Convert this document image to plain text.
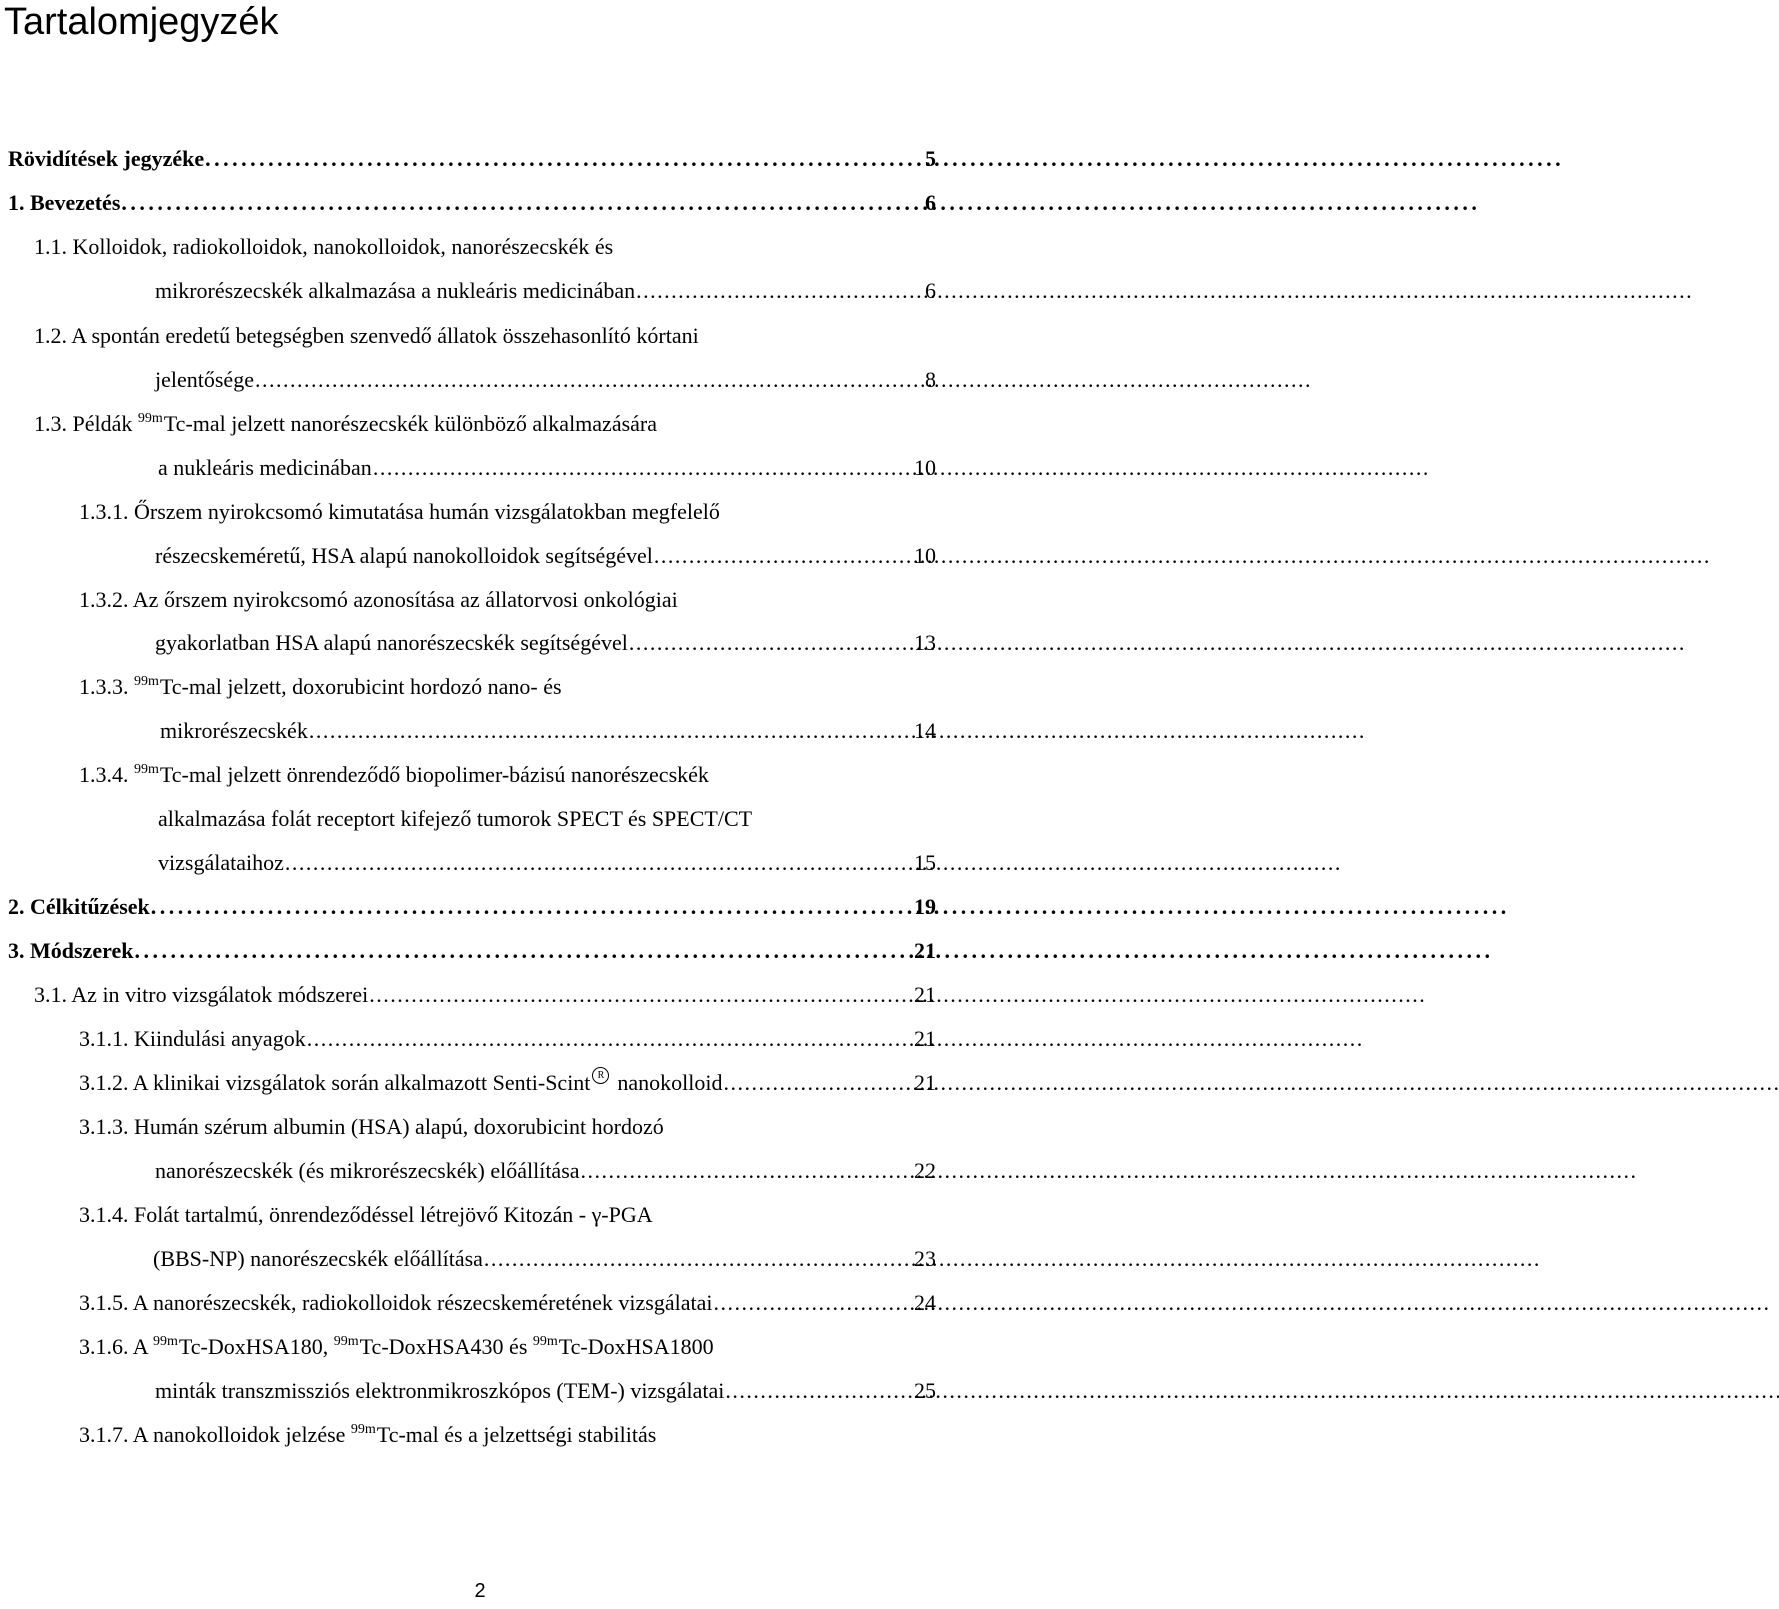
Tartalomjegyzék
Rövidítések jegyzéke . . .	5
1. Bevezetés . . .	6
1.1. Kolloidok, radiokolloidok, nanokolloidok, nanorészecskék és
mikrorészecskék alkalmazása a nukleáris medicinában . . .	6
1.2. A spontán eredetű betegségben szenvedő állatok összehasonlító kórtani
jelentősége . . .	8
1.3. Példák $^{99m}$Tc-mal jelzett nanorészecskék különböző alkalmazására
a nukleáris medicinában . . .	10
1.3.1. Őrszem nyirokcsomó kimutatása humán vizsgálatokban megfelelő
részecskeméretű, HSA alapú nanokolloidok segítségével . . .	10
1.3.2. Az őrszem nyirokcsomó azonosítása az állatorvosi onkológiai
gyakorlatban HSA alapú nanorészecskék segítségével . . .	13
1.3.3. $^{99m}$Tc-mal jelzett, doxorubicint hordozó nano- és
mikrorészecskék . . .	14
1.3.4. $^{99m}$Tc-mal jelzett önrendeződő biopolimer-bázisú nanorészecskék
alkalmazása folát receptort kifejező tumorok SPECT és SPECT/CT
vizsgálataihoz . . .	15
2. Célkitűzések . . .	19
3. Módszerek . . .	21
3.1. Az in vitro vizsgálatok módszerei . . .	21
3.1.1. Kiindulási anyagok . . .	21
3.1.2. A klinikai vizsgálatok során alkalmazott Senti-Scint R nanokolloid . . .	21
3.1.3. Humán szérum albumin (HSA) alapú, doxorubicint hordozó
nanorészecskék (és mikrorészecskék) előállítása . . .	22
3.1.4. Folát tartalmú, önrendeződéssel létrejövő Kitozán - γ-PGA
(BBS-NP) nanorészecskék előállítása . . .	23
3.1.5. A nanorészecskék, radiokolloidok részecskeméretének vizsgálatai . . .	24
3.1.6. A $^{99m}$Tc-DoxHSA180, $^{99m}$Tc-DoxHSA430 és $^{99m}$Tc-DoxHSA1800
minták transzmissziós elektronmikroszkópos (TEM-) vizsgálatai . . .	25
3.1.7. A nanokolloidok jelzése $^{99m}$Tc-mal és a jelzettségi stabilitás
2
